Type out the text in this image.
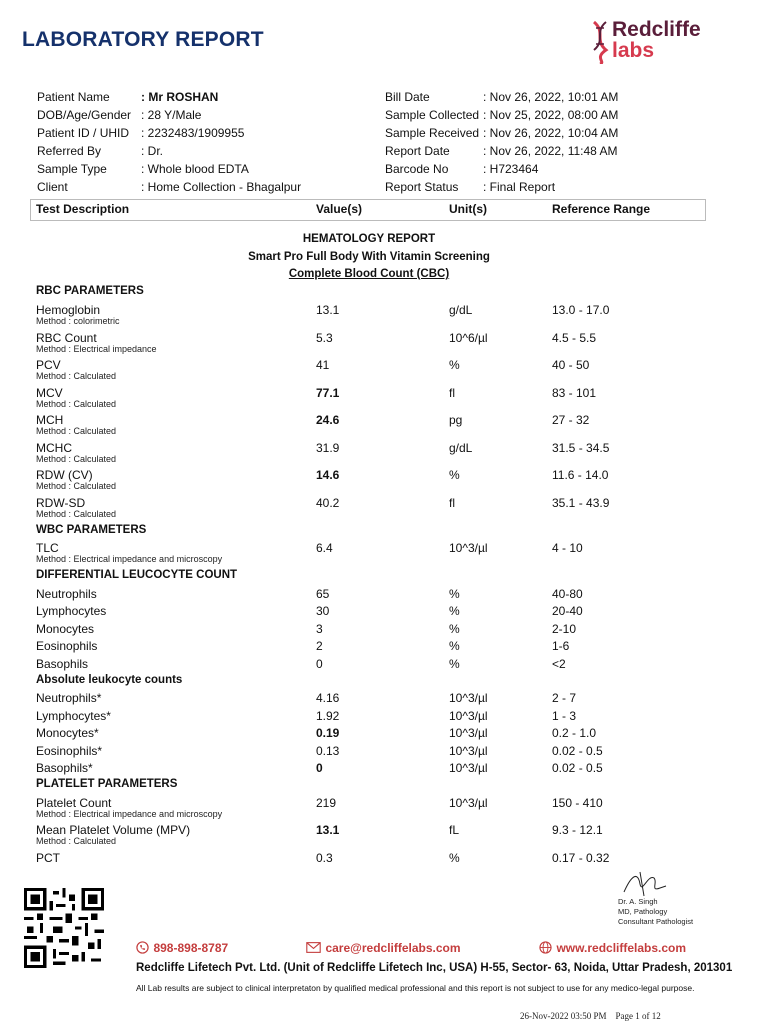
LABORATORY REPORT	Redcliffe
labs
Patient Name	: Mr ROSHAN
DOB/Age/Gender : 28 Y/Male
Patient ID / UHID : 2232483/1909955
Referred By	: Dr.
Sample Type	: Whole blood EDTA
Client	: Home Collection - Bhagalpur
Bill Date	: Nov 26, 2022, 10:01 AM
Sample Collected : Nov 25, 2022, 08:00 AM
Sample Received : Nov 26, 2022, 10:04 AM
Report Date	: Nov 26, 2022, 11:48 AM
Barcode No	: H723464
Report Status : Final Report
Test Description	Value(s)	Unit(s)	Reference Range
HEMATOLOGY REPORT
Smart Pro Full Body With Vitamin Screening
Complete Blood Count (CBC)
RBC PARAMETERS
WBC PARAMETERS
DIFFERENTIAL LEUCOCYTE COUNT
Absolute leukocyte counts
PLATELET PARAMETERS
Hemoglobin
Method : colorimetric
13.1	g/dL	13.0 - 17.0
RBC Count
Method : Electrical impedance
5.3	10^6/µl	4.5 - 5.5
PCV
Method : Calculated
41	%	40 - 50
MCV
Method : Calculated
77.1	fl	83 - 101
MCH
Method : Calculated
24.6	pg	27 - 32
MCHC
Method : Calculated
31.9	g/dL	31.5 - 34.5
RDW (CV)
Method : Calculated
14.6	%	11.6 - 14.0
RDW-SD
Method : Calculated
40.2	fl	35.1 - 43.9
TLC
Method : Electrical impedance and microscopy
6.4	10^3/µl	4 - 10
Neutrophils	65	%	40-80
Lymphocytes	30	%	20-40
Monocytes	3	%	2-10
Eosinophils	2	%	1-6
Basophils	0	%	<2
Neutrophils*	4.16	10^3/µl	2 - 7
Lymphocytes*	1.92	10^3/µl	1 - 3
Monocytes*	0.19	10^3/µl	0.2 - 1.0
Eosinophils*	0.13	10^3/µl	0.02 - 0.5
Basophils*	0	10^3/µl	0.02 - 0.5
Platelet Count
Method : Electrical impedance and microscopy
219	10^3/µl	150 - 410
Mean Platelet Volume (MPV)
Method : Calculated
13.1	fL	9.3 - 12.1
PCT	0.3	%	0.17 - 0.32
Dr. A. Singh
MD, Pathology
Consultant Pathologist
898-898-8787	care@redcliffelabs.com	www.redcliffelabs.com
Redcliffe Lifetech Pvt. Ltd. (Unit of Redcliffe Lifetech Inc, USA) H-55, Sector- 63, Noida, Uttar Pradesh, 201301
All Lab results are subject to clinical interpretaton by qualified medical professional and this report is not subject to use for any medico-legal purpose.
26-Nov-2022 03:50 PM Page 1 of 12
